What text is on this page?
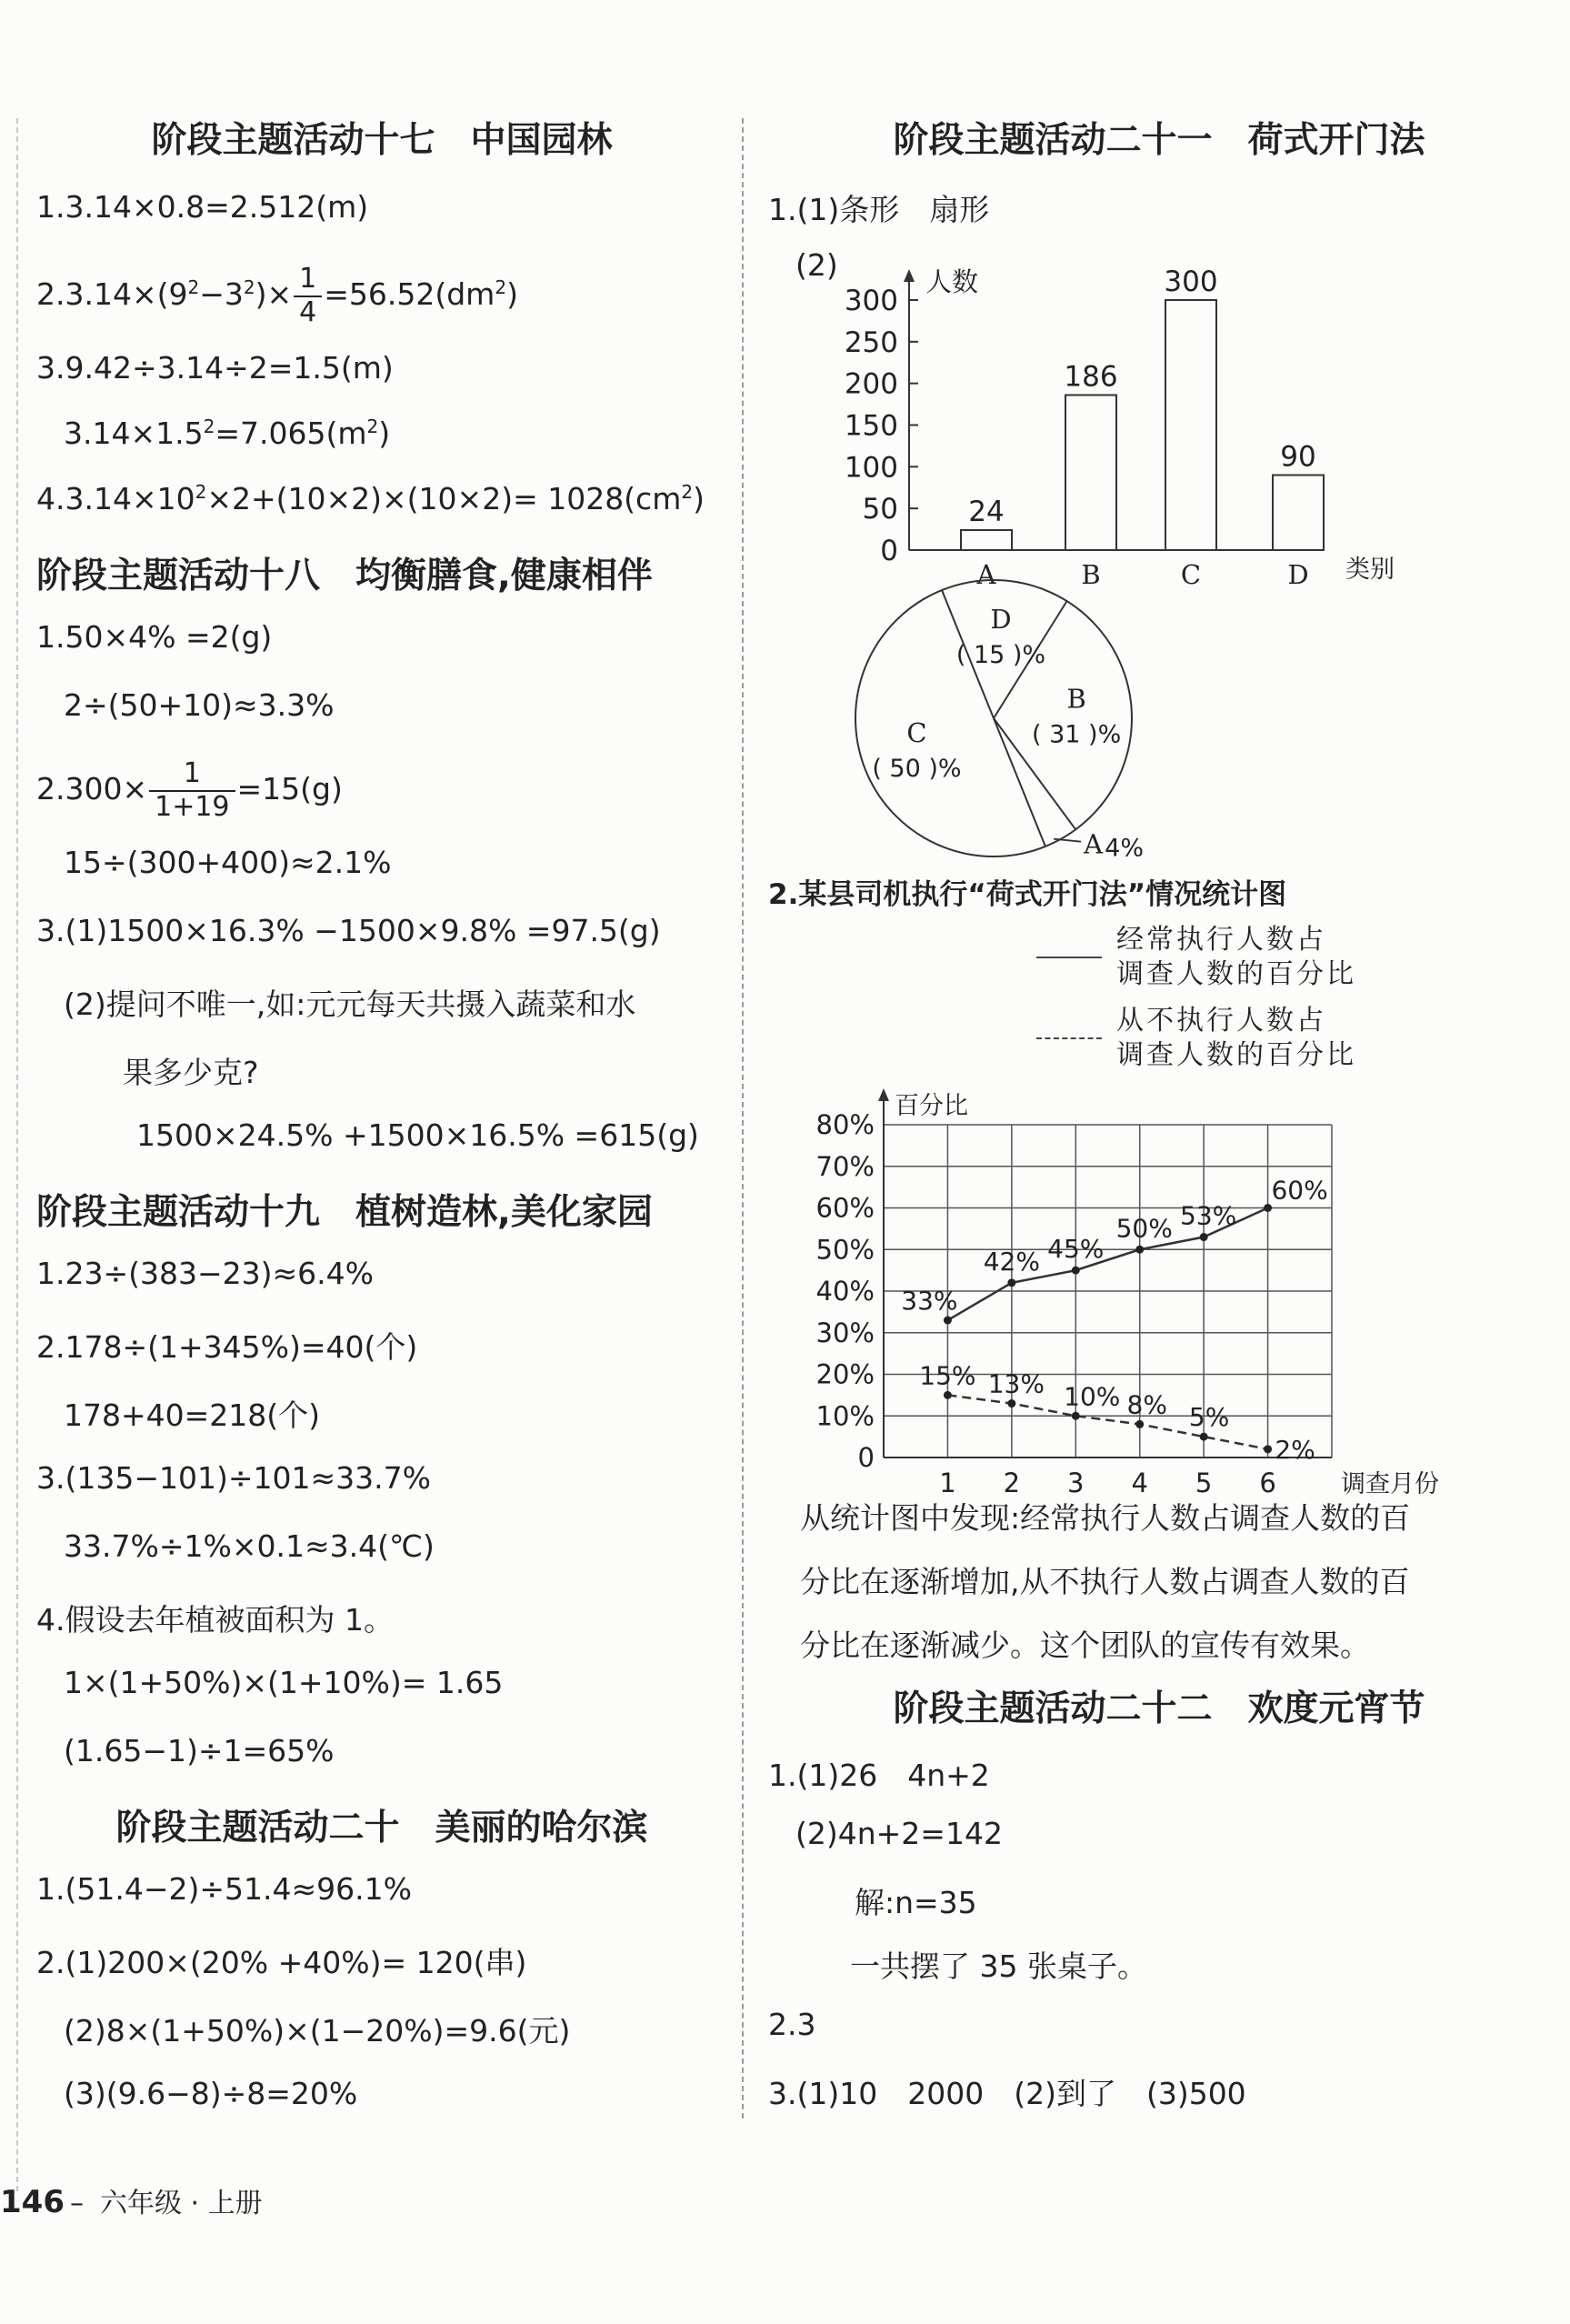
阶段主题活动十七　中国园林
1.3.14×0.8=2.512(m)
$2.3.14\times(9^2-3^2)\times \frac{1}{4} =56.52(dm^2)$
3.9.42÷3.14÷2=1.5(m)
$3.14\times 1.5^2=7.065(m^2)$
$4.3.14\times 10^2\times 2+(10\times 2)\times(10\times 2)= 1028(cm^2)$
阶段主题活动十八　均衡膳食,健康相伴
1.50×4% =2(g)
2÷(50+10)≈3.3%
$2.300\times \frac{1}{1+19} =15(g)$
15÷(300+400)≈2.1%
3.(1)1500×16.3% −1500×9.8% =97.5(g)
(2)提问不唯一,如:元元每天共摄入蔬菜和水
果多少克?
1500×24.5% +1500×16.5% =615(g)
阶段主题活动十九　植树造林,美化家园
1.23÷(383−23)≈6.4%
2.178÷(1+345%)=40(个)
178+40=218(个)
3.(135−101)÷101≈33.7%
33.7%÷1%×0.1≈3.4(℃)
4.假设去年植被面积为 1。
1×(1+50%)×(1+10%)= 1.65
(1.65−1)÷1=65%
阶段主题活动二十　美丽的哈尔滨
1.(51.4−2)÷51.4≈96.1%
2.(1)200×(20% +40%)= 120(串)
(2)8×(1+50%)×(1−20%)=9.6(元)
(3)(9.6−8)÷8=20%
146 – 六年级 · 上册
阶段主题活动二十一　荷式开门法
1.(1)条形　扇形
(2)
0
50
100
150
200
250
300
人数
类别
24
A
186
B
300
C
90
D
D
( 15 )%
B
( 31 )%
A 4%
C
( 50 )%
2.某县司机执行“荷式开门法”情况统计图
经常执行人数占
调查人数的百分比
从不执行人数占
调查人数的百分比
0
10%
20%
30%
40%
50%
60%
70%
80%
百分比
1 2 3 4 5 6	调查月份
33%
42% 45%
50% 53%
60%
15% 13% 10% 8% 5%
2%
从统计图中发现:经常执行人数占调查人数的百
分比在逐渐增加,从不执行人数占调查人数的百
分比在逐渐减少。这个团队的宣传有效果。
阶段主题活动二十二　欢度元宵节
1.(1)26　4n+2
(2)4n+2=142
解:n=35
一共摆了 35 张桌子。
2.3
3.(1)10　2000　(2)到了　(3)500
